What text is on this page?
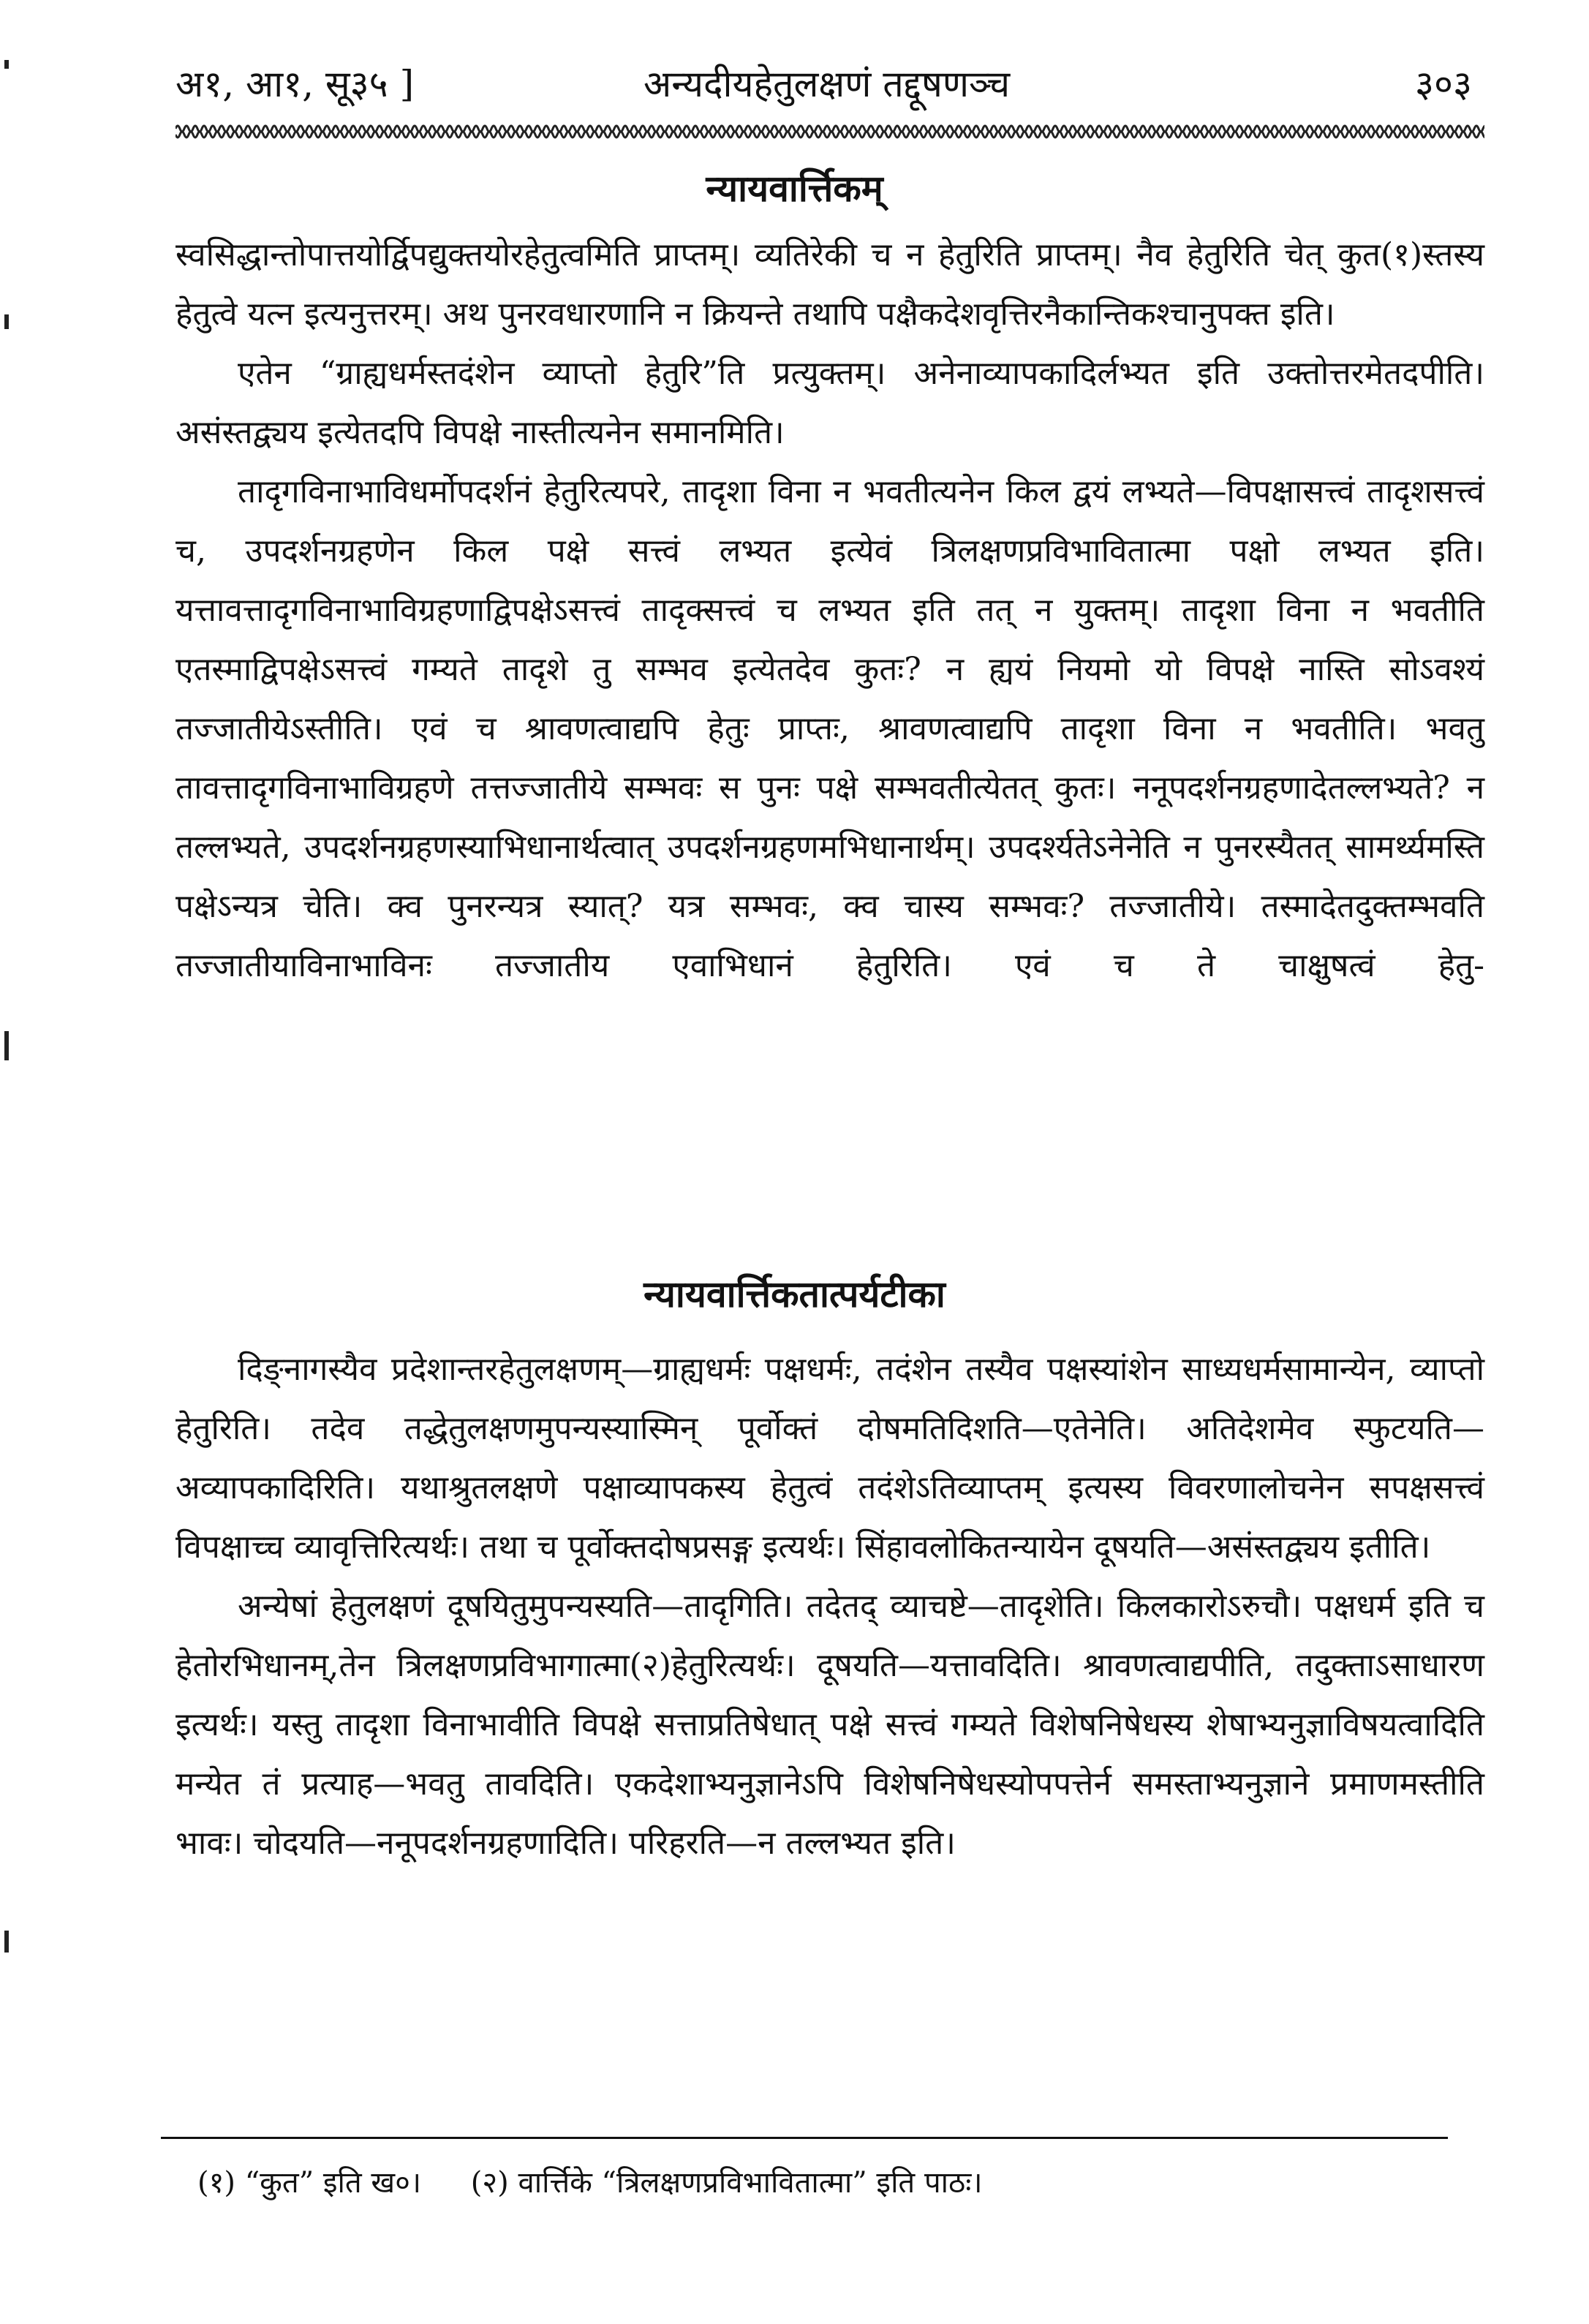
अ१, आ१, सू३५ ]	अन्यदीयहेतुलक्षणं तद्दूषणञ्च	३०३
न्यायवार्त्तिकम्

स्वसिद्धान्तोपात्तयोर्द्विपद्युक्तयोरहेतुत्वमिति प्राप्तम्। व्यतिरेकी च न हेतुरिति प्राप्तम्। नैव हेतुरिति चेत् कुत(१)स्तस्य हेतुत्वे यत्न इत्यनुत्तरम्। अथ पुनरवधारणानि न क्रियन्ते तथापि पक्षैकदेशवृत्तिरनैकान्तिकश्चानुपक्त इति।

एतेन “ग्राह्यधर्मस्तदंशेन व्याप्तो हेतुरि”ति प्रत्युक्तम्। अनेनाव्यापकादिर्लभ्यत इति उक्तोत्तरमेतदपीति। असंस्तद्व्यय इत्येतदपि विपक्षे नास्तीत्यनेन समानमिति।

तादृगविनाभाविधर्मोपदर्शनं हेतुरित्यपरे, तादृशा विना न भवतीत्यनेन किल द्वयं लभ्यते—विपक्षासत्त्वं तादृशसत्त्वं च, उपदर्शनग्रहणेन किल पक्षे सत्त्वं लभ्यत इत्येवं त्रिलक्षणप्रविभावितात्मा पक्षो लभ्यत इति। यत्तावत्तादृगविनाभाविग्रहणाद्विपक्षेऽसत्त्वं तादृक्सत्त्वं च लभ्यत इति तत् न युक्तम्। तादृशा विना न भवतीति एतस्माद्विपक्षेऽसत्त्वं गम्यते तादृशे तु सम्भव इत्येतदेव कुतः? न ह्ययं नियमो यो विपक्षे नास्ति सोऽवश्यं तज्जातीयेऽस्तीति। एवं च श्रावणत्वाद्यपि हेतुः प्राप्तः, श्रावणत्वाद्यपि तादृशा विना न भवतीति। भवतु तावत्तादृगविनाभाविग्रहणे तत्तज्जातीये सम्भवः स पुनः पक्षे सम्भवतीत्येतत् कुतः। ननूपदर्शनग्रहणादेतल्लभ्यते? न तल्लभ्यते, उपदर्शनग्रहणस्याभिधानार्थत्वात् उपदर्शनग्रहणमभिधानार्थम्। उपदर्श्यतेऽनेनेति न पुनरस्यैतत् सामर्थ्यमस्ति पक्षेऽन्यत्र चेति। क्व पुनरन्यत्र स्यात्? यत्र सम्भवः, क्व चास्य सम्भवः? तज्जातीये। तस्मादेतदुक्तम्भवति तज्जातीयाविनाभाविनः तज्जातीय एवाभिधानं हेतुरिति। एवं च ते चाक्षुषत्वं हेतु-

न्यायवार्त्तिकतात्पर्यटीका

दिङ्नागस्यैव प्रदेशान्तरहेतुलक्षणम्—ग्राह्यधर्मः पक्षधर्मः, तदंशेन तस्यैव पक्षस्यांशेन साध्यधर्मसामान्येन, व्याप्तो हेतुरिति। तदेव तद्धेतुलक्षणमुपन्यस्यास्मिन् पूर्वोक्तं दोषमतिदिशति—एतेनेति। अतिदेशमेव स्फुटयति—अव्यापकादिरिति। यथाश्रुतलक्षणे पक्षाव्यापकस्य हेतुत्वं तदंशेऽतिव्याप्तम् इत्यस्य विवरणालोचनेन सपक्षसत्त्वं विपक्षाच्च व्यावृत्तिरित्यर्थः। तथा च पूर्वोक्तदोषप्रसङ्ग इत्यर्थः। सिंहावलोकितन्यायेन दूषयति—असंस्तद्व्यय इतीति।

अन्येषां हेतुलक्षणं दूषयितुमुपन्यस्यति—तादृगिति। तदेतद् व्याचष्टे—तादृशेति। किलकारोऽरुचौ। पक्षधर्म इति च हेतोरभिधानम्,तेन त्रिलक्षणप्रविभागात्मा(२)हेतुरित्यर्थः। दूषयति—यत्तावदिति। श्रावणत्वाद्यपीति, तदुक्ताऽसाधारण इत्यर्थः। यस्तु तादृशा विनाभावीति विपक्षे सत्ताप्रतिषेधात् पक्षे सत्त्वं गम्यते विशेषनिषेधस्य शेषाभ्यनुज्ञाविषयत्वादिति मन्येत तं प्रत्याह—भवतु तावदिति। एकदेशाभ्यनुज्ञानेऽपि विशेषनिषेधस्योपपत्तेर्न समस्ताभ्यनुज्ञाने प्रमाणमस्तीति भावः। चोदयति—ननूपदर्शनग्रहणादिति। परिहरति—न तल्लभ्यत इति।

(१) “कुत” इति ख०। (२) वार्त्तिके “त्रिलक्षणप्रविभावितात्मा” इति पाठः।
